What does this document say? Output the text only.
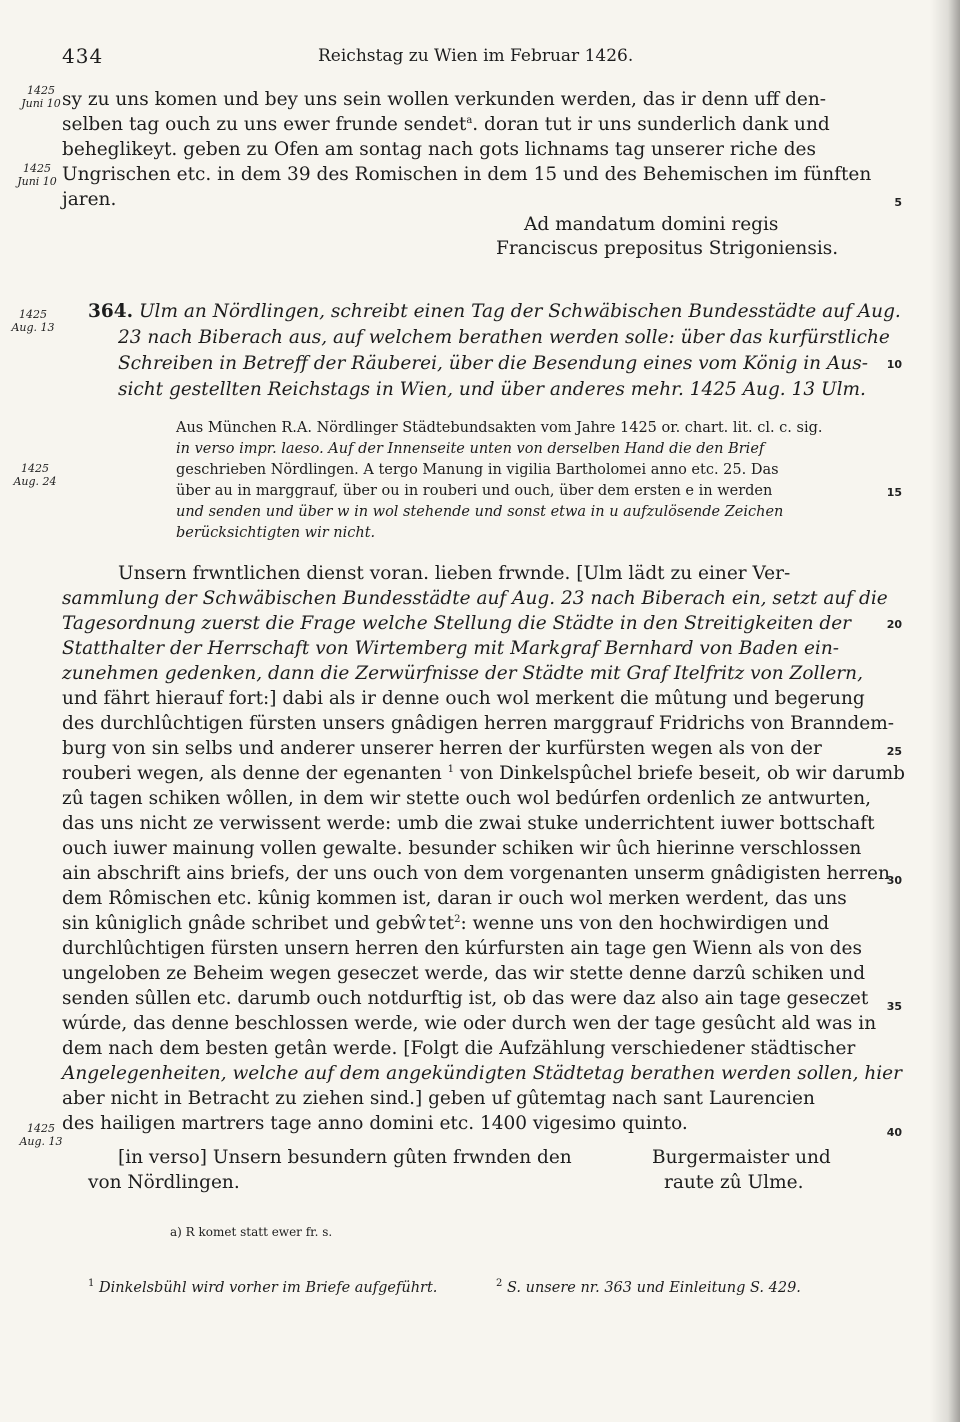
434	Reichstag zu Wien im Februar 1426.
1425
Juni 10
1425
Juni 10
1425
Aug. 13
1425
Aug. 24
1425
Aug. 13
5
10
15
20
25
30
35
40
sy zu uns komen und bey uns sein wollen verkunden werden, das ir denn uff den-
selben tag ouch zu uns ewer frunde sendet$^a$. doran tut ir uns sunderlich dank und
beheglikeyt. geben zu Ofen am sontag nach gots lichnams tag unserer riche des
Ungrischen etc. in dem 39 des Romischen in dem 15 und des Behemischen im fünften
jaren.
Ad mandatum domini regis
Franciscus prepositus Strigoniensis.
364. Ulm an Nördlingen, schreibt einen Tag der Schwäbischen Bundesstädte auf Aug.
23 nach Biberach aus, auf welchem berathen werden solle: über das kurfürstliche
Schreiben in Betreff der Räuberei, über die Besendung eines vom König in Aus-
sicht gestellten Reichstags in Wien, und über anderes mehr. 1425 Aug. 13 Ulm.
Aus München R.A. Nördlinger Städtebundsakten vom Jahre 1425 or. chart. lit. cl. c. sig.
in verso impr. laeso. Auf der Innenseite unten von derselben Hand die den Brief
geschrieben Nördlingen. A tergo Manung in vigilia Bartholomei anno etc. 25. Das
über au in marggrauf, über ou in rouberi und ouch, über dem ersten e in werden
und senden und über w in wol stehende und sonst etwa in u aufzulösende Zeichen
berücksichtigten wir nicht.
Unsern frwntlichen dienst voran. lieben frwnde. [Ulm lädt zu einer Ver-
sammlung der Schwäbischen Bundesstädte auf Aug. 23 nach Biberach ein, setzt auf die
Tagesordnung zuerst die Frage welche Stellung die Städte in den Streitigkeiten der
Statthalter der Herrschaft von Wirtemberg mit Markgraf Bernhard von Baden ein-
zunehmen gedenken, dann die Zerwürfnisse der Städte mit Graf Itelfritz von Zollern,
und fährt hierauf fort:] dabi als ir denne ouch wol merkent die mûtung und begerung
des durchlûchtigen fürsten unsers gnâdigen herren marggrauf Fridrichs von Branndem-
burg von sin selbs und anderer unserer herren der kurfürsten wegen als von der
rouberi wegen, als denne der egenanten $^1$ von Dinkelspûchel briefe beseit, ob wir darumb
zû tagen schiken wôllen, in dem wir stette ouch wol bedúrfen ordenlich ze antwurten,
das uns nicht ze verwissent werde: umb die zwai stuke underrichtent iuwer bottschaft
ouch iuwer mainung vollen gewalte. besunder schiken wir ûch hierinne verschlossen
ain abschrift ains briefs, der uns ouch von dem vorgenanten unserm gnâdigisten herren
dem Rômischen etc. kûnig kommen ist, daran ir ouch wol merken werdent, das uns
sin kûniglich gnâde schribet und gebŵtet$^2$: wenne uns von den hochwirdigen und
durchlûchtigen fürsten unsern herren den kúrfursten ain tage gen Wienn als von des
ungeloben ze Beheim wegen geseczet werde, das wir stette denne darzû schiken und
senden sûllen etc. darumb ouch notdurftig ist, ob das were daz also ain tage geseczet
wúrde, das denne beschlossen werde, wie oder durch wen der tage gesûcht ald was in
dem nach dem besten getân werde. [Folgt die Aufzählung verschiedener städtischer
Angelegenheiten, welche auf dem angekündigten Städtetag berathen werden sollen, hier
aber nicht in Betracht zu ziehen sind.] geben uf gûtemtag nach sant Laurencien
des hailigen martrers tage anno domini etc. 1400 vigesimo quinto.
[in verso] Unsern besundern gûten frwnden den
von Nördlingen.
Burgermaister und
raute zû Ulme.
a) R komet statt ewer fr. s.
$^1$ Dinkelsbühl wird vorher im Briefe aufgeführt.	$^2$ S. unsere nr. 363 und Einleitung S. 429.
